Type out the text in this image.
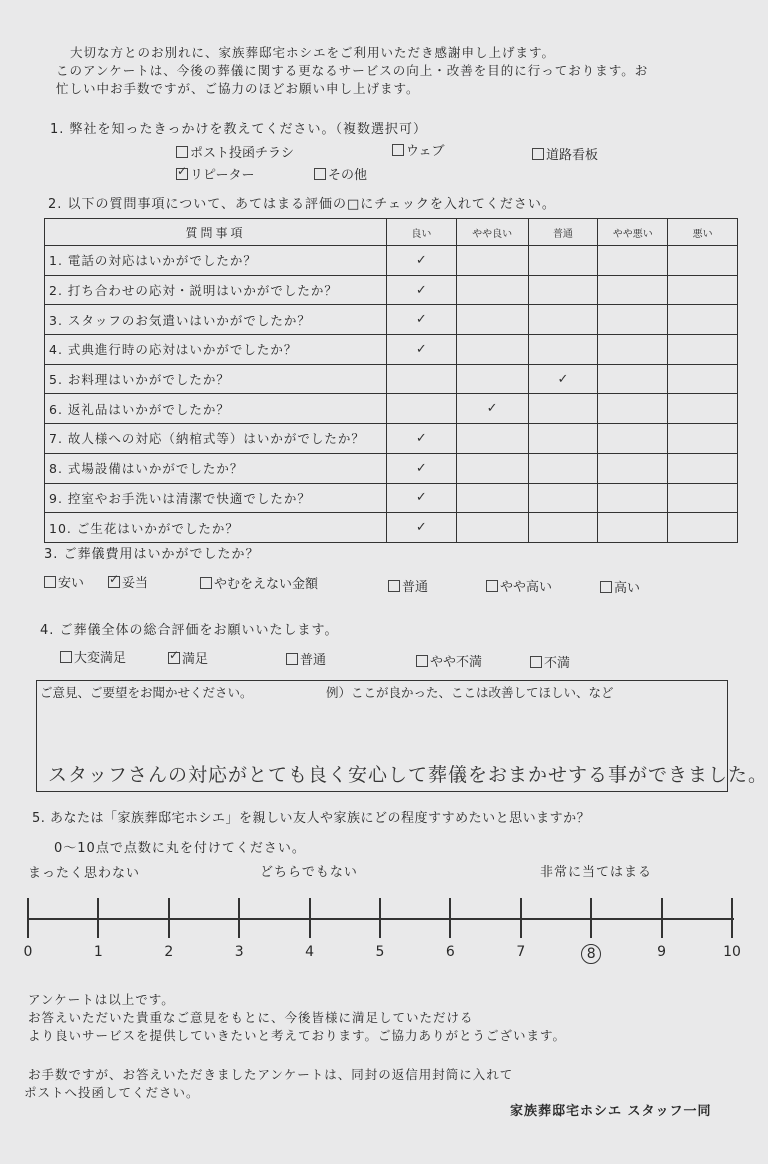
大切な方とのお別れに、家族葬邸宅ホシエをご利用いただき感謝申し上げます。
このアンケートは、今後の葬儀に関する更なるサービスの向上・改善を目的に行っております。お
忙しい中お手数ですが、ご協力のほどお願い申し上げます。
1. 弊社を知ったきっかけを教えてください。（複数選択可）
ポスト投函チラシ	ウェブ	道路看板
✓リピーター	その他
2. 以下の質問事項について、あてはまる評価の□にチェックを入れてください。
質問事項	良い	やや良い	普通	やや悪い	悪い
1. 電話の対応はいかがでしたか？	✓				
2. 打ち合わせの応対・説明はいかがでしたか？	✓				
3. スタッフのお気遣いはいかがでしたか？	✓				
4. 式典進行時の応対はいかがでしたか？	✓				
5. お料理はいかがでしたか？			✓		
6. 返礼品はいかがでしたか？		✓			
7. 故人様への対応（納棺式等）はいかがでしたか？	✓				
8. 式場設備はいかがでしたか？	✓				
9. 控室やお手洗いは清潔で快適でしたか？	✓				
10. ご生花はいかがでしたか？	✓				
3. ご葬儀費用はいかがでしたか？
安い ✓	妥当	やむをえない金額	普通	やや高い	高い
4. ご葬儀全体の総合評価をお願いいたします。
大変満足 ✓	満足	普通	やや不満	不満
ご意見、ご要望をお聞かせください。	例）ここが良かった、ここは改善してほしい、など
スタッフさんの対応がとても良く安心して葬儀をおまかせする事ができました。
5. あなたは「家族葬邸宅ホシエ」を親しい友人や家族にどの程度すすめたいと思いますか？
0〜10点で点数に丸を付けてください。
まったく思わない	どちらでもない	非常に当てはまる
0	1	2	3	4	5	6	7	8	9	10
アンケートは以上です。
お答えいただいた貴重なご意見をもとに、今後皆様に満足していただける
より良いサービスを提供していきたいと考えております。ご協力ありがとうございます。
お手数ですが、お答えいただきましたアンケートは、同封の返信用封筒に入れて
ポストへ投函してください。
家族葬邸宅ホシエ スタッフ一同
